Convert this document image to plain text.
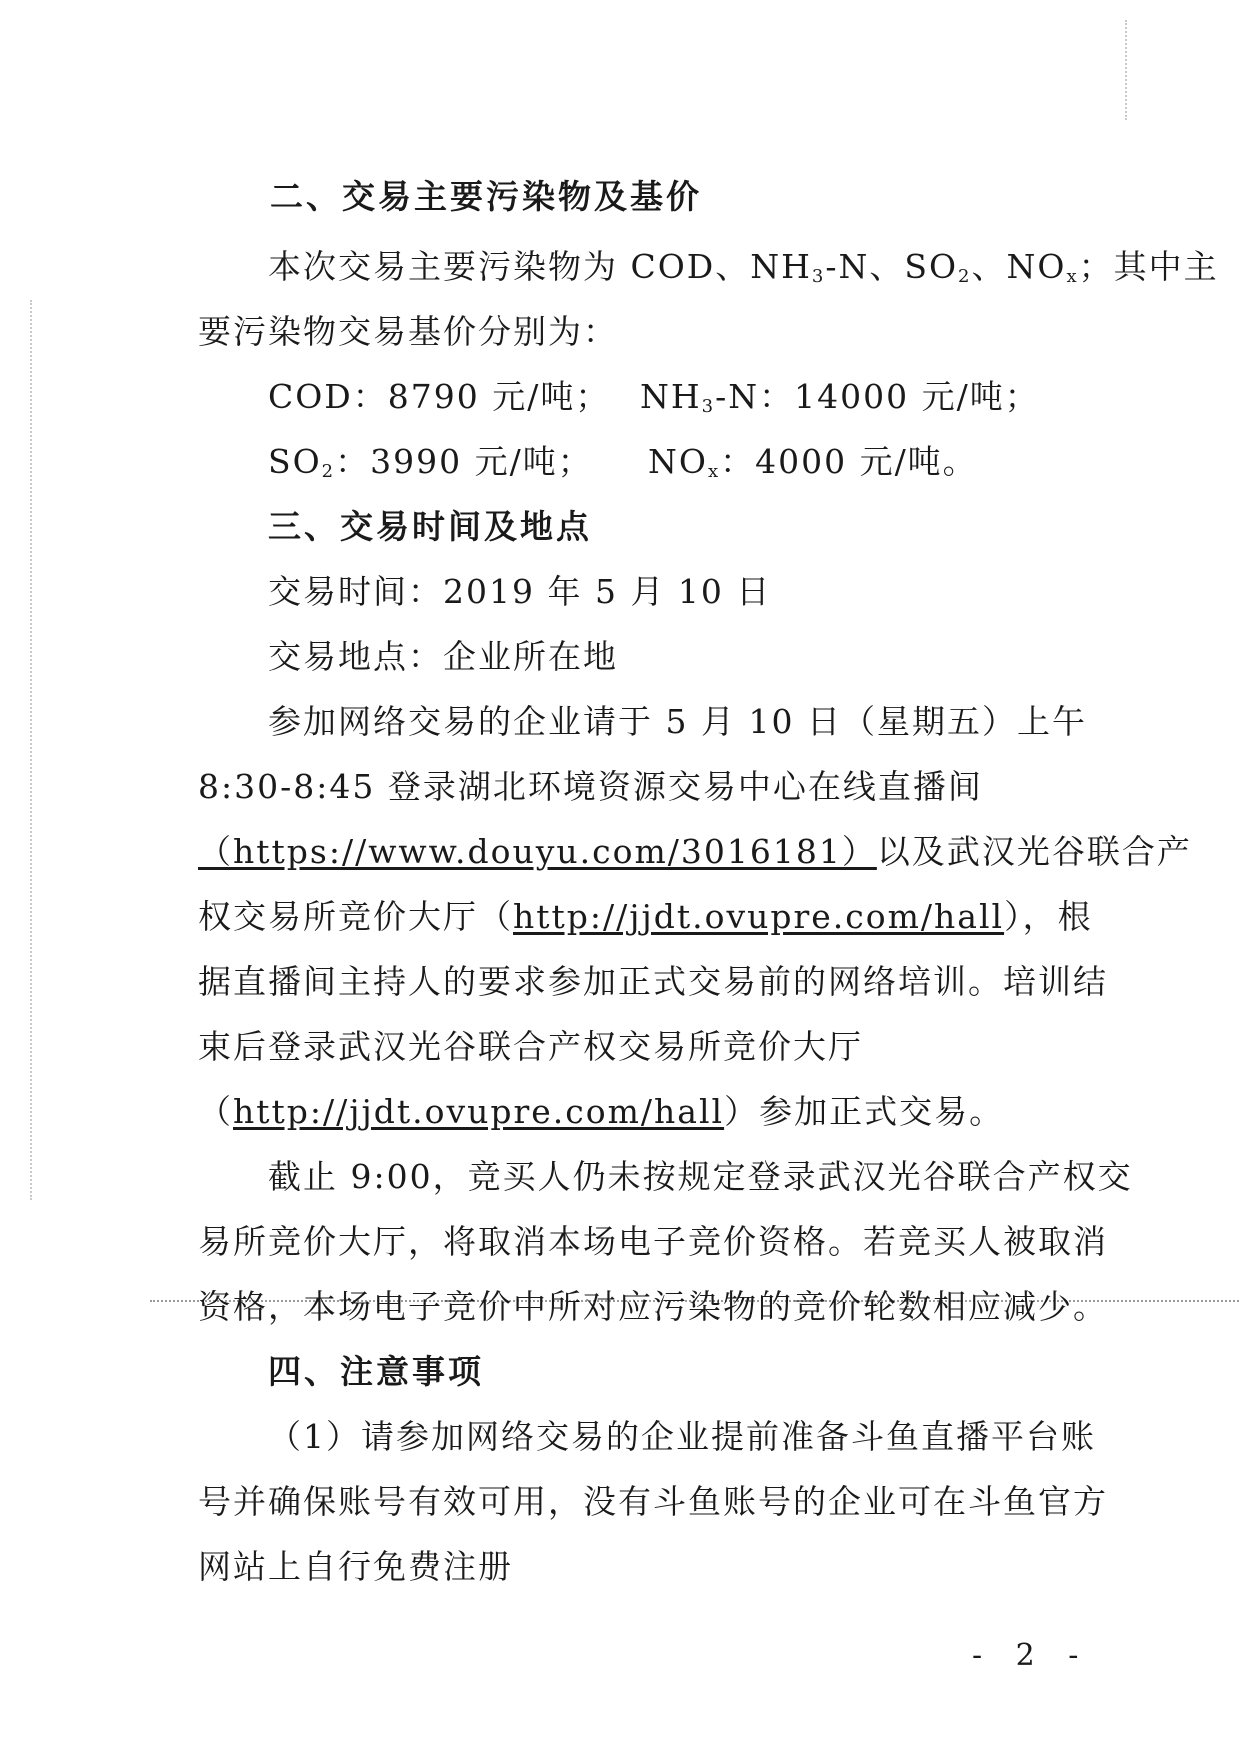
二、交易主要污染物及基价
本次交易主要污染物为 COD、$NH_3-N$、$SO_2$、$NO_x$；其中主
要污染物交易基价分别为：
COD：8790 元/吨； $NH_3-N$：14000 元/吨；
$SO_2$：3990 元/吨； $NO_x$：4000 元/吨。
三、交易时间及地点
交易时间：2019 年 5 月 10 日
交易地点：企业所在地
参加网络交易的企业请于 5 月 10 日（星期五）上午
8:30-8:45 登录湖北环境资源交易中心在线直播间
（https://www.douyu.com/3016181）以及武汉光谷联合产
权交易所竞价大厅（http://jjdt.ovupre.com/hall），根
据直播间主持人的要求参加正式交易前的网络培训。培训结
束后登录武汉光谷联合产权交易所竞价大厅
（http://jjdt.ovupre.com/hall）参加正式交易。
截止 9:00，竞买人仍未按规定登录武汉光谷联合产权交
易所竞价大厅，将取消本场电子竞价资格。若竞买人被取消
资格，本场电子竞价中所对应污染物的竞价轮数相应减少。
四、注意事项
（1）请参加网络交易的企业提前准备斗鱼直播平台账
号并确保账号有效可用，没有斗鱼账号的企业可在斗鱼官方
网站上自行免费注册
- 2 -
